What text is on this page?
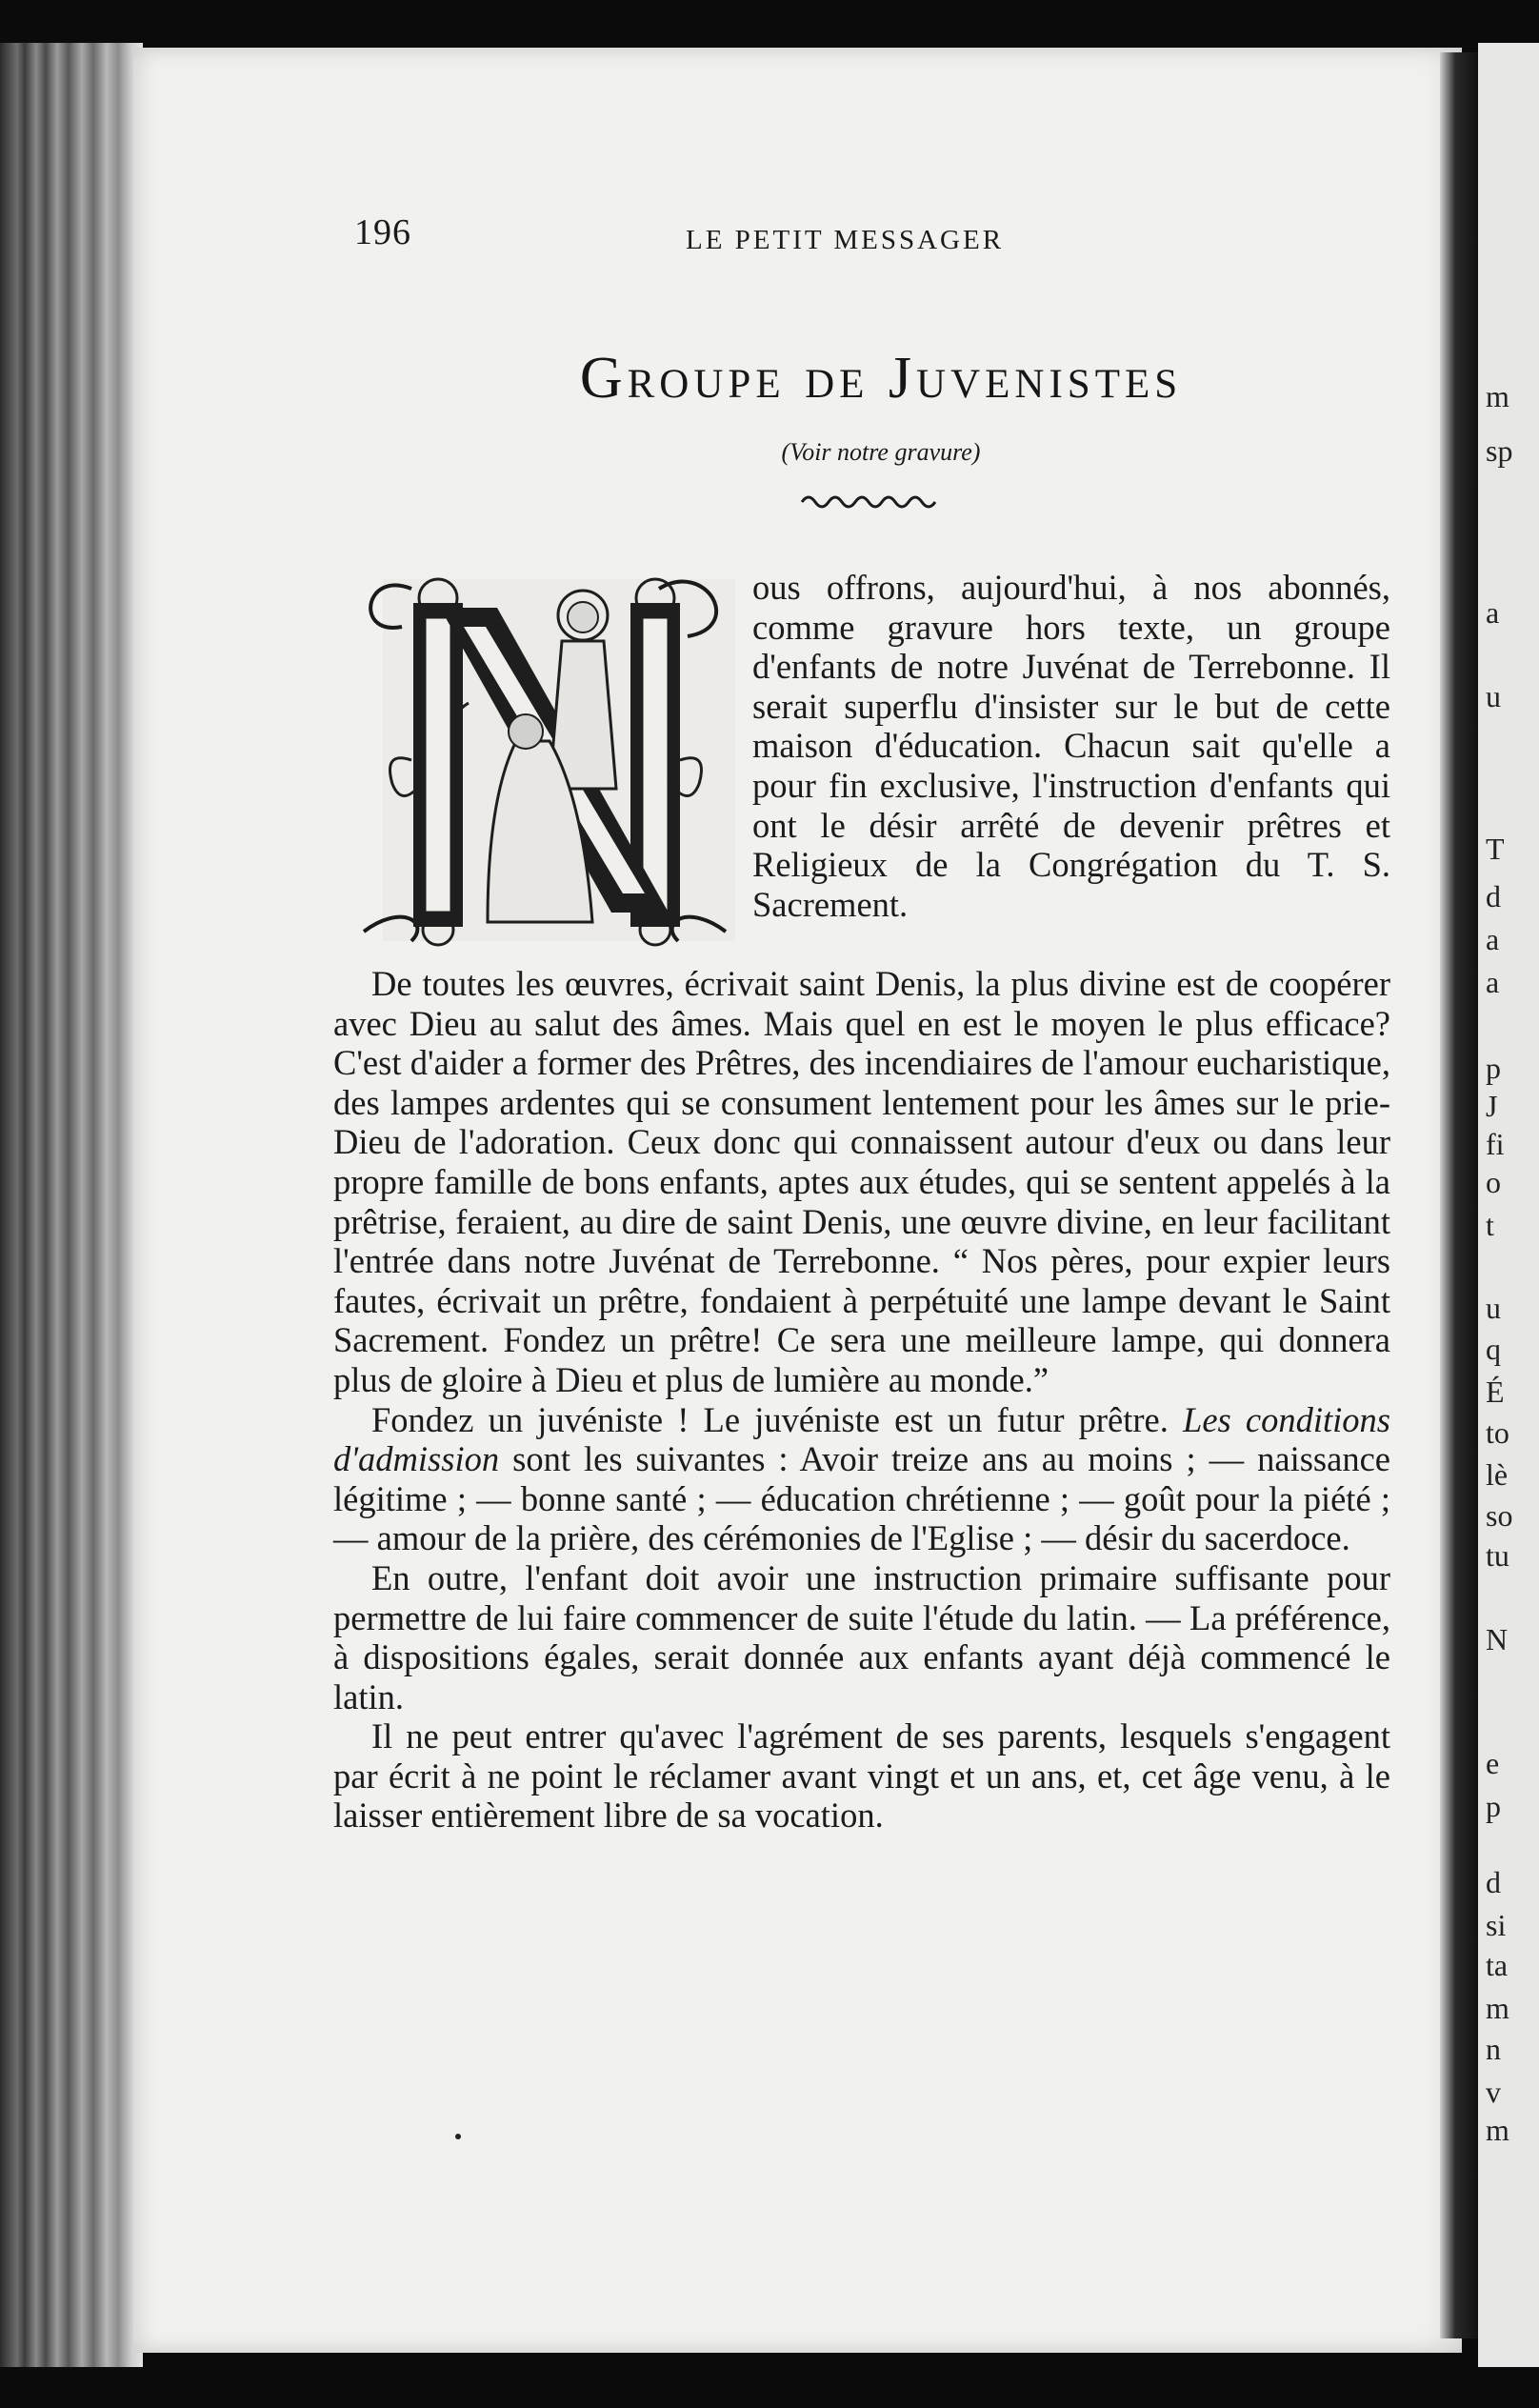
m
sp
a
u
T
d
a
a
p
J
fi
o
t
u
q
É
to
lè
so
tu
N
e
p
d
si
ta
m
n
v
m
196	LE PETIT MESSAGER
Groupe de Juvenistes
(Voir notre gravure)

ous offrons, aujourd'hui, à nos abonnés, comme gravure hors texte, un groupe d'enfants de notre Juvénat de Terrebonne. Il serait superflu d'insister sur le but de cette maison d'éducation. Chacun sait qu'elle a pour fin exclusive, l'instruction d'enfants qui ont le désir arrêté de devenir prêtres et Religieux de la Congrégation du T. S. Sacrement.

De toutes les œuvres, écrivait saint Denis, la plus divine est de coopérer avec Dieu au salut des âmes. Mais quel en est le moyen le plus efficace? C'est d'aider a former des Prêtres, des incendiaires de l'amour eucharistique, des lampes ardentes qui se consument lentement pour les âmes sur le prie-Dieu de l'adoration. Ceux donc qui connaissent autour d'eux ou dans leur propre famille de bons enfants, aptes aux études, qui se sentent appelés à la prêtrise, feraient, au dire de saint Denis, une œuvre divine, en leur facilitant l'entrée dans notre Juvénat de Terrebonne. “ Nos pères, pour expier leurs fautes, écrivait un prêtre, fondaient à perpétuité une lampe devant le Saint Sacrement. Fondez un prêtre! Ce sera une meilleure lampe, qui donnera plus de gloire à Dieu et plus de lumière au monde.”

Fondez un juvéniste ! Le juvéniste est un futur prêtre. Les conditions d'admission sont les suivantes : Avoir treize ans au moins ; — naissance légitime ; — bonne santé ; — éducation chrétienne ; — goût pour la piété ; — amour de la prière, des cérémonies de l'Eglise ; — désir du sacerdoce.

En outre, l'enfant doit avoir une instruction primaire suffisante pour permettre de lui faire commencer de suite l'étude du latin. — La préférence, à dispositions égales, serait donnée aux enfants ayant déjà commencé le latin.

Il ne peut entrer qu'avec l'agrément de ses parents, lesquels s'engagent par écrit à ne point le réclamer avant vingt et un ans, et, cet âge venu, à le laisser entièrement libre de sa vocation.
